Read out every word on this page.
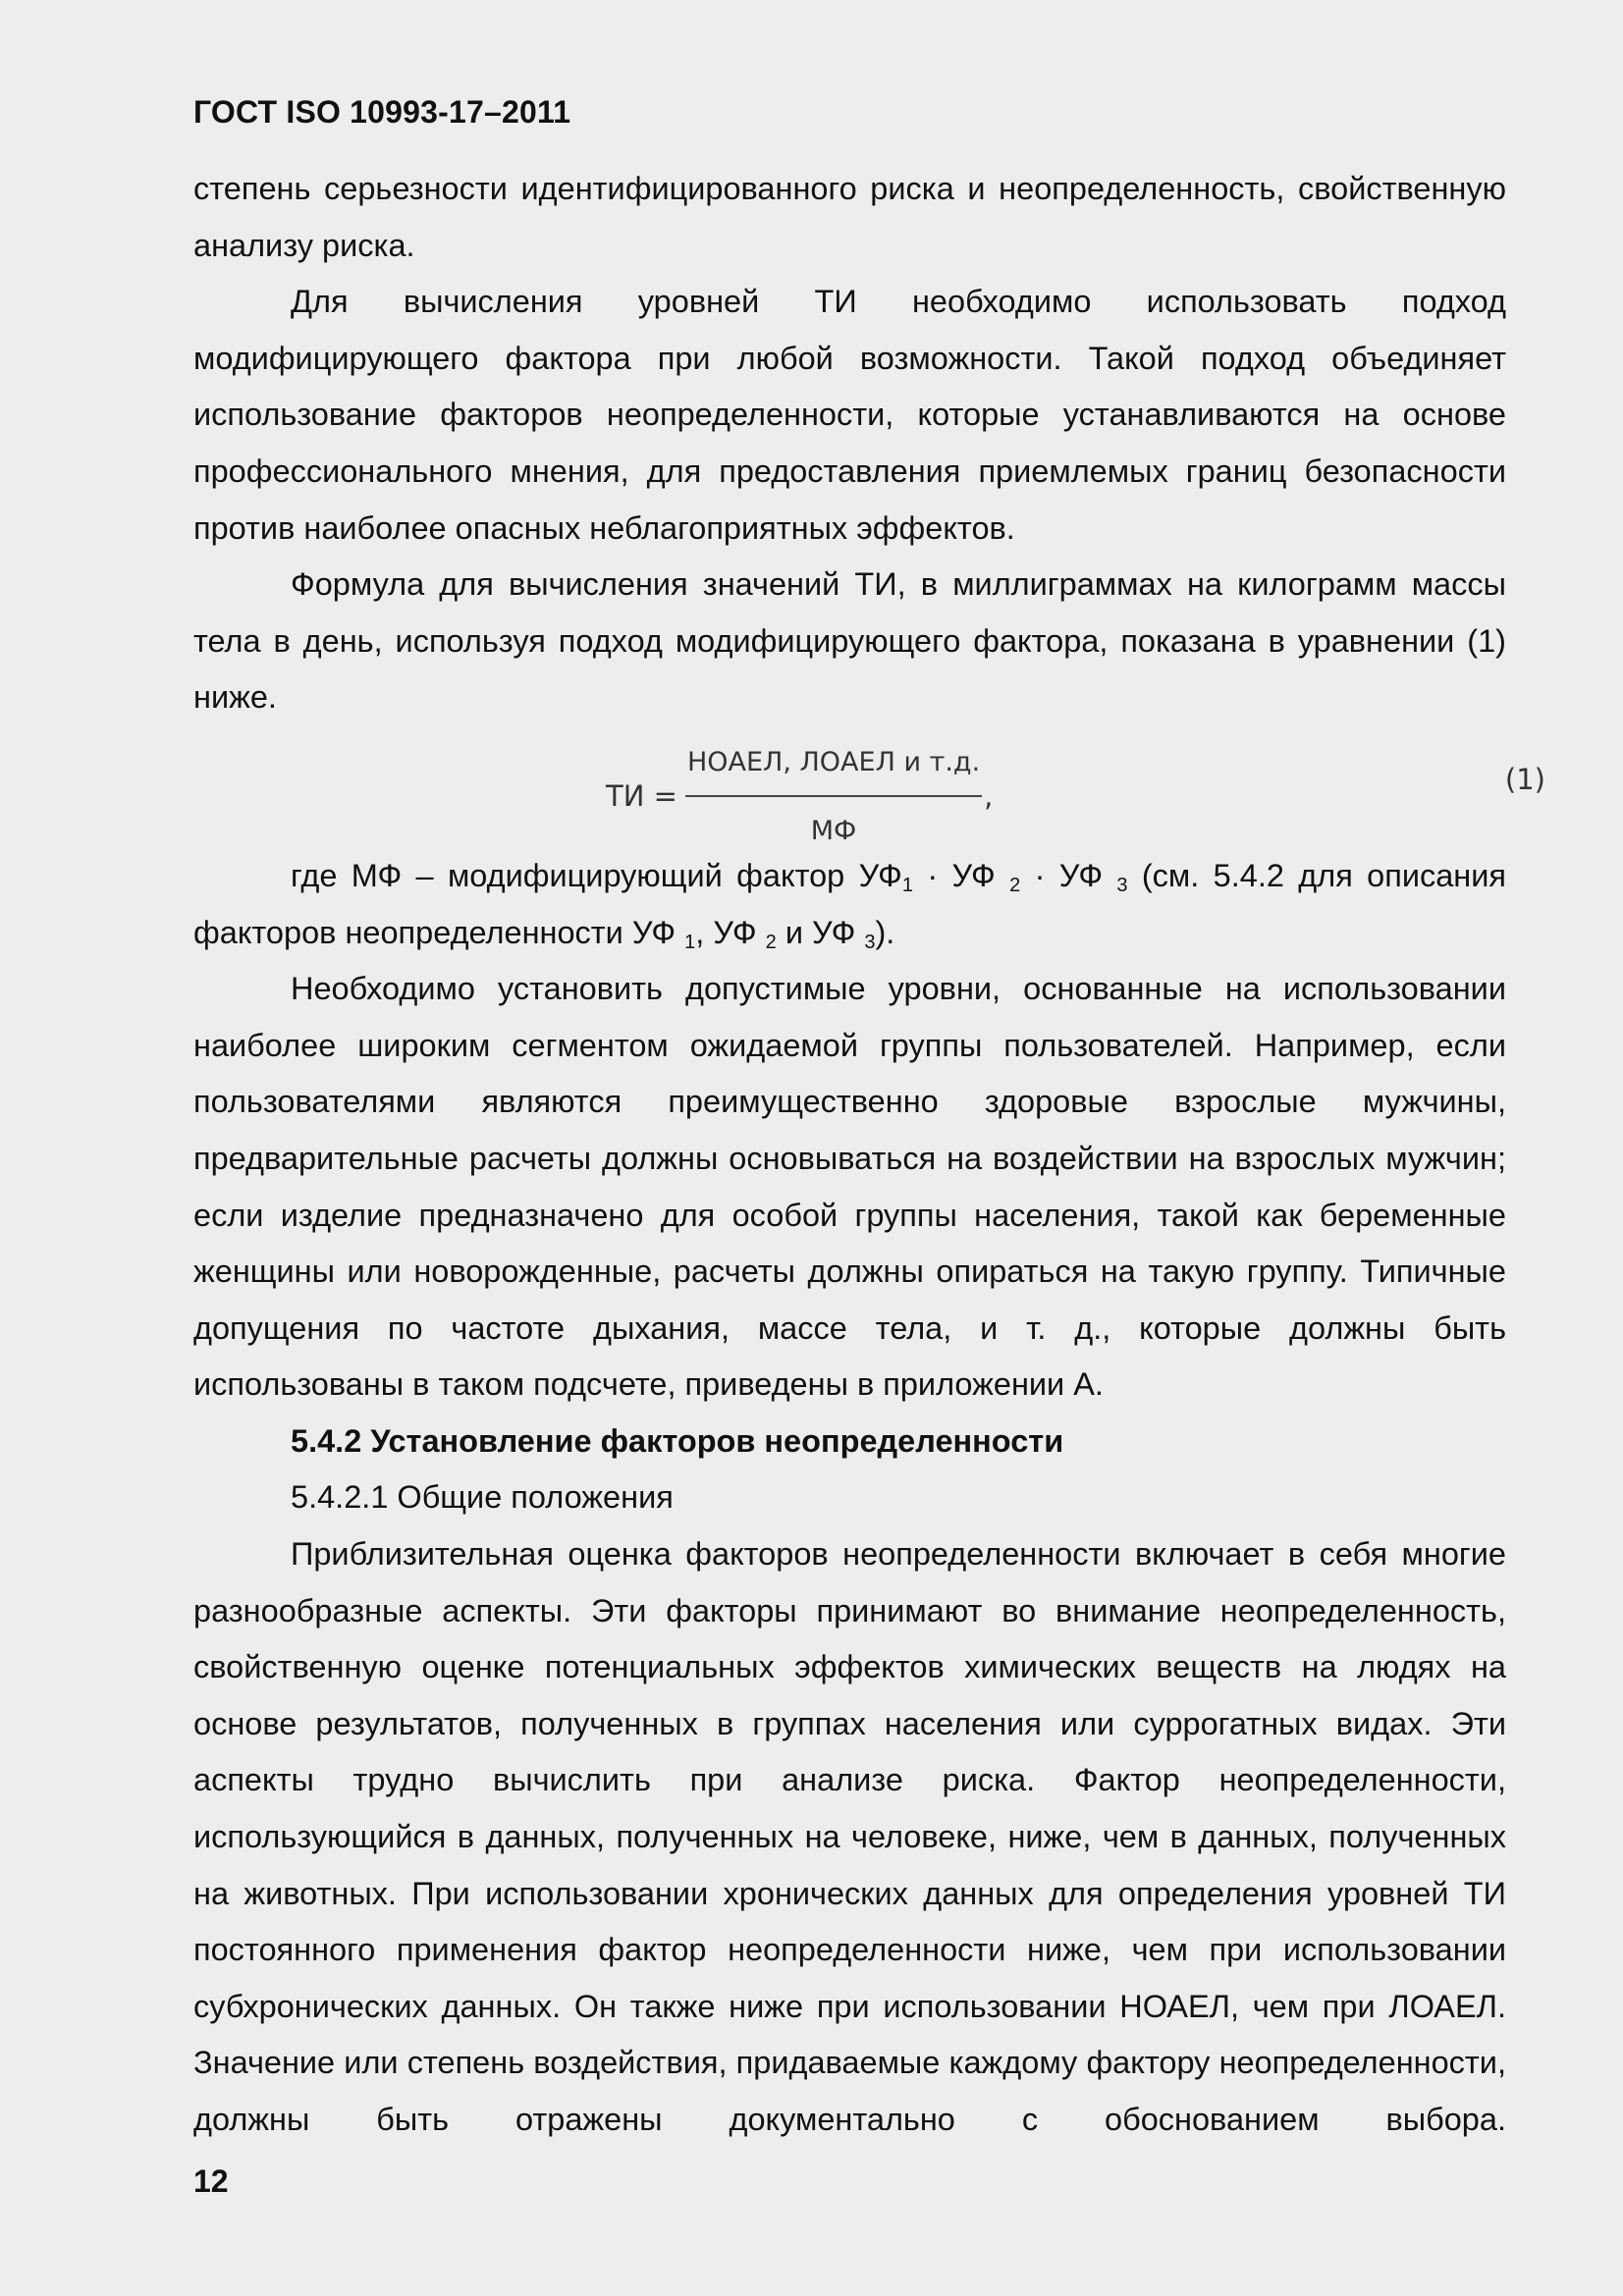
ГОСТ ISO 10993-17–2011

степень серьезности идентифицированного риска и неопределенность, свойственную анализу риска.

Для вычисления уровней ТИ необходимо использовать подход модифицирующего фактора при любой возможности. Такой подход объединяет использование факторов неопределенности, которые устанавливаются на основе профессионального мнения, для предоставления приемлемых границ безопасности против наиболее опасных неблагоприятных эффектов.

Формула для вычисления значений ТИ, в миллиграммах на килограмм массы тела в день, используя подход модифицирующего фактора, показана в уравнении (1) ниже.

ТИ = $\frac{\text{НОАЕЛ, ЛОАЕЛ и т.д.}}{МФ}$ ,	(1)

где МФ – модифицирующий фактор $УФ_1$ · УФ $_2$ · УФ $_3$ (см. 5.4.2 для описания факторов неопределенности УФ $_1$, УФ $_2$ и УФ $_3$).

Необходимо установить допустимые уровни, основанные на использовании наиболее широким сегментом ожидаемой группы пользователей. Например, если пользователями являются преимущественно здоровые взрослые мужчины, предварительные расчеты должны основываться на воздействии на взрослых мужчин; если изделие предназначено для особой группы населения, такой как беременные женщины или новорожденные, расчеты должны опираться на такую группу. Типичные допущения по частоте дыхания, массе тела, и т. д., которые должны быть использованы в таком подсчете, приведены в приложении А.

5.4.2 Установление факторов неопределенности

5.4.2.1 Общие положения

Приблизительная оценка факторов неопределенности включает в себя многие разнообразные аспекты. Эти факторы принимают во внимание неопределенность, свойственную оценке потенциальных эффектов химических веществ на людях на основе результатов, полученных в группах населения или суррогатных видах. Эти аспекты трудно вычислить при анализе риска. Фактор неопределенности, использующийся в данных, полученных на человеке, ниже, чем в данных, полученных на животных. При использовании хронических данных для определения уровней ТИ постоянного применения фактор неопределенности ниже, чем при использовании субхронических данных. Он также ниже при использовании НОАЕЛ, чем при ЛОАЕЛ. Значение или степень воздействия, придаваемые каждому фактору неопределенности, должны быть отражены документально с обоснованием выбора.

12
